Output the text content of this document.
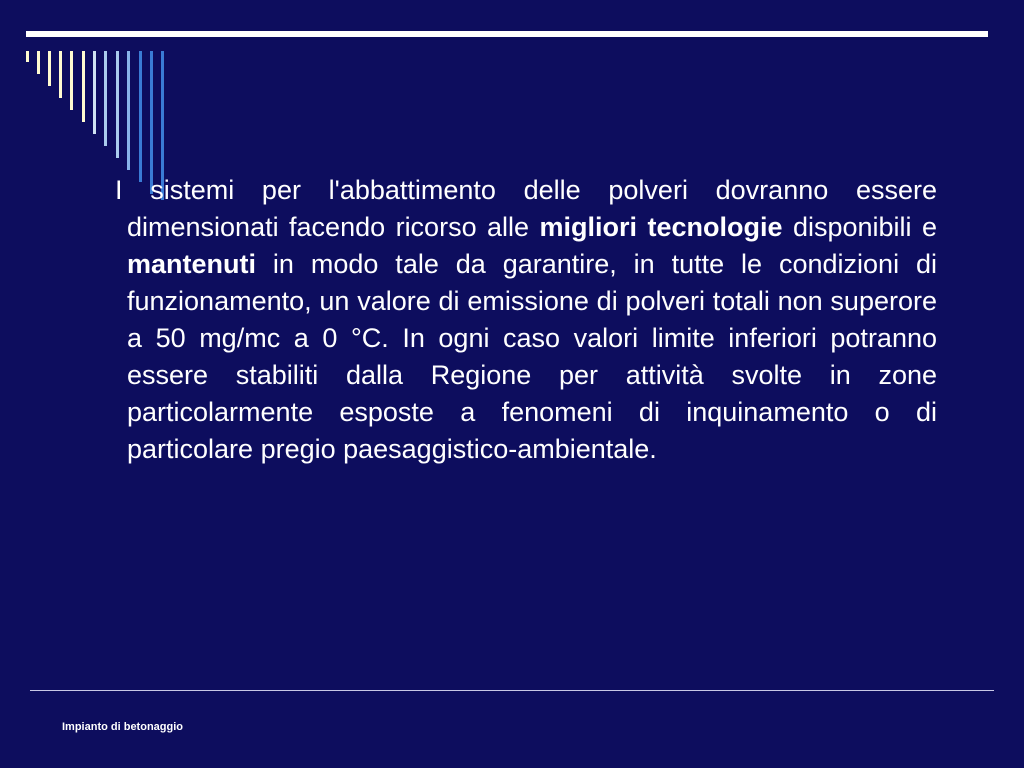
I sistemi per l'abbattimento delle polveri dovranno essere dimensionati facendo ricorso alle migliori tecnologie disponibili e mantenuti in modo tale da garantire, in tutte le condizioni di funzionamento, un valore di emissione di polveri totali non superore a 50 mg/mc a 0 °C. In ogni caso valori limite inferiori potranno essere stabiliti dalla Regione per attività svolte in zone particolarmente esposte a fenomeni di inquinamento o di particolare pregio paesaggistico-ambientale.

Impianto di betonaggio
